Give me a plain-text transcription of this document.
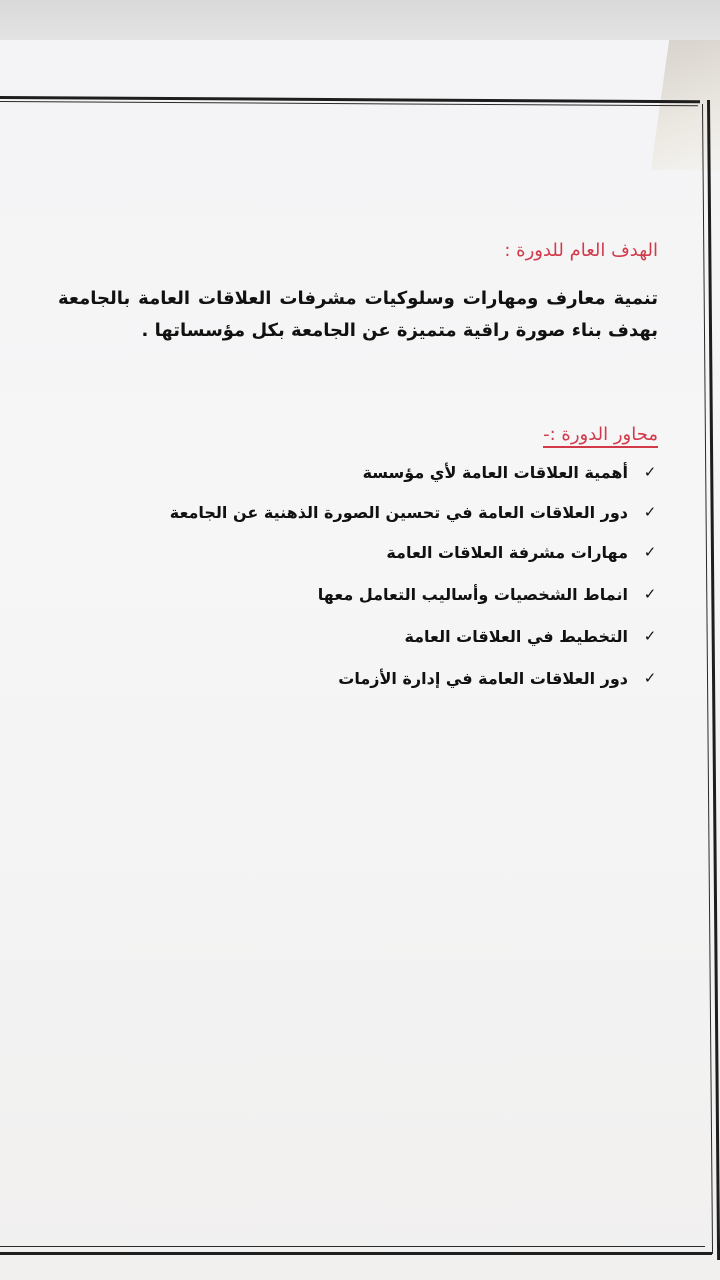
الهدف العام للدورة :
تنمية معارف ومهارات وسلوكيات مشرفات العلاقات العامة بالجامعة بهدف بناء صورة راقية متميزة عن الجامعة بكل مؤسساتها .
محاور الدورة :-
✓
أهمية العلاقات العامة لأي مؤسسة
✓
دور العلاقات العامة في تحسين الصورة الذهنية عن الجامعة
✓
مهارات مشرفة العلاقات العامة
✓
انماط الشخصيات وأساليب التعامل معها
✓
التخطيط في العلاقات العامة
✓
دور العلاقات العامة في إدارة الأزمات
